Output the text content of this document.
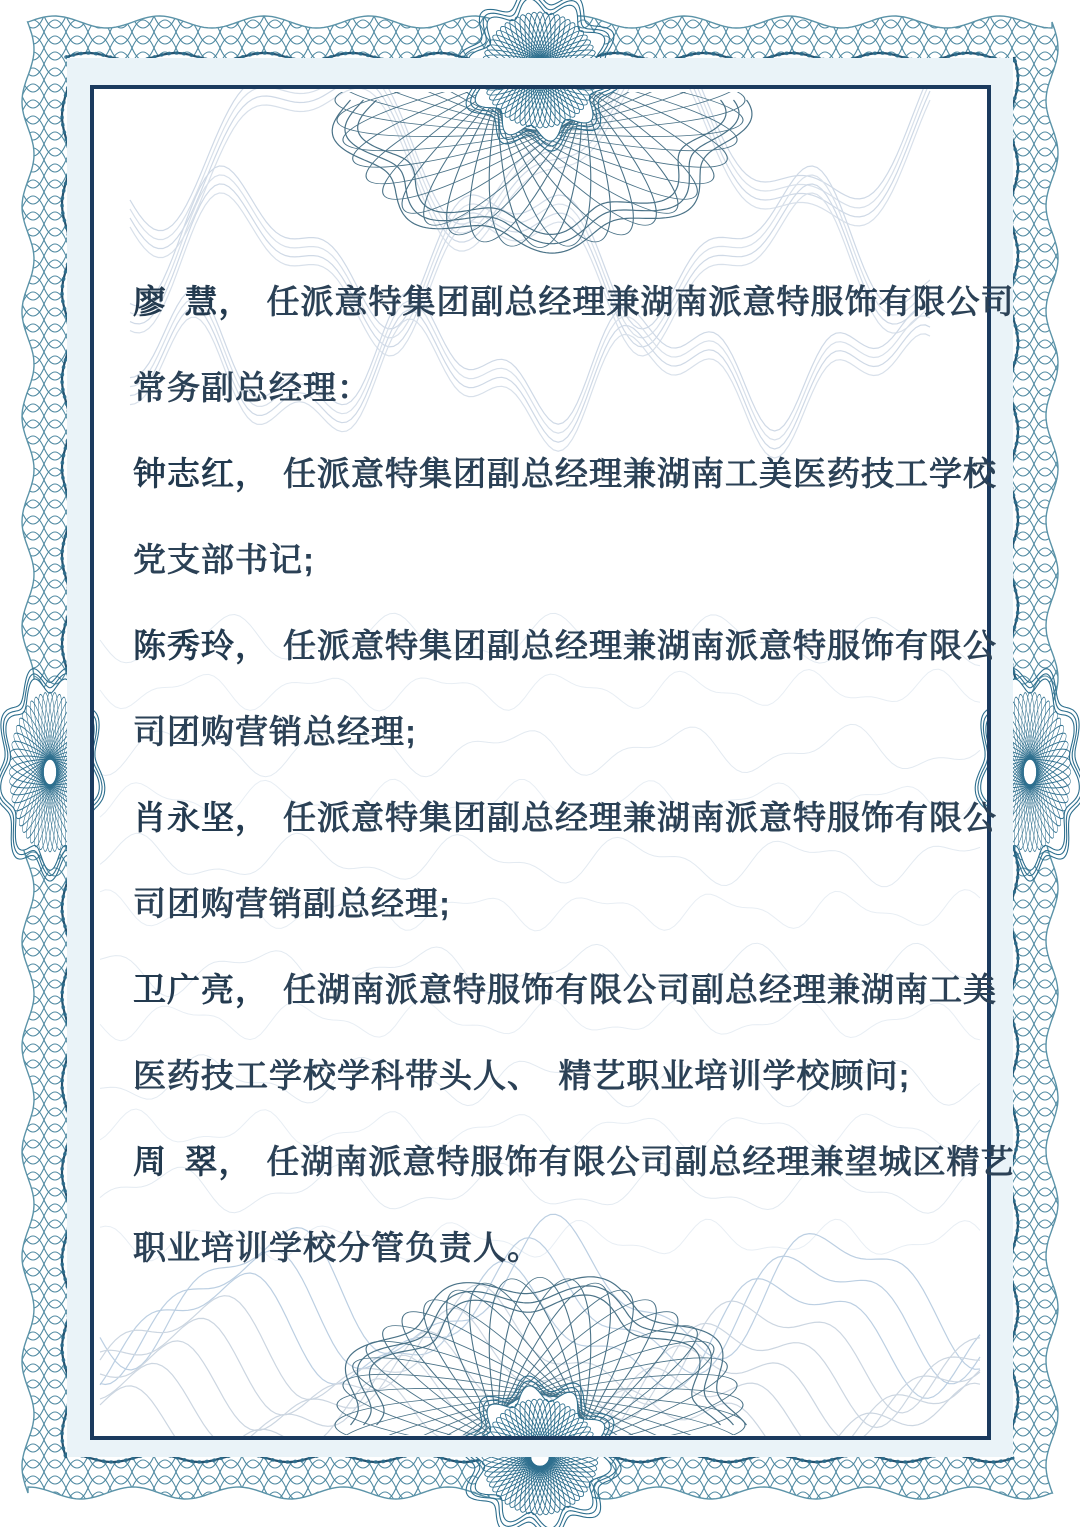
廖 慧， 任派意特集团副总经理兼湖南派意特服饰有限公司
常务副总经理：
钟志红， 任派意特集团副总经理兼湖南工美医药技工学校
党支部书记;
陈秀玲， 任派意特集团副总经理兼湖南派意特服饰有限公
司团购营销总经理;
肖永坚， 任派意特集团副总经理兼湖南派意特服饰有限公
司团购营销副总经理;
卫广亮， 任湖南派意特服饰有限公司副总经理兼湖南工美
医药技工学校学科带头人、 精艺职业培训学校顾问;
周 翠， 任湖南派意特服饰有限公司副总经理兼望城区精艺
职业培训学校分管负责人。
